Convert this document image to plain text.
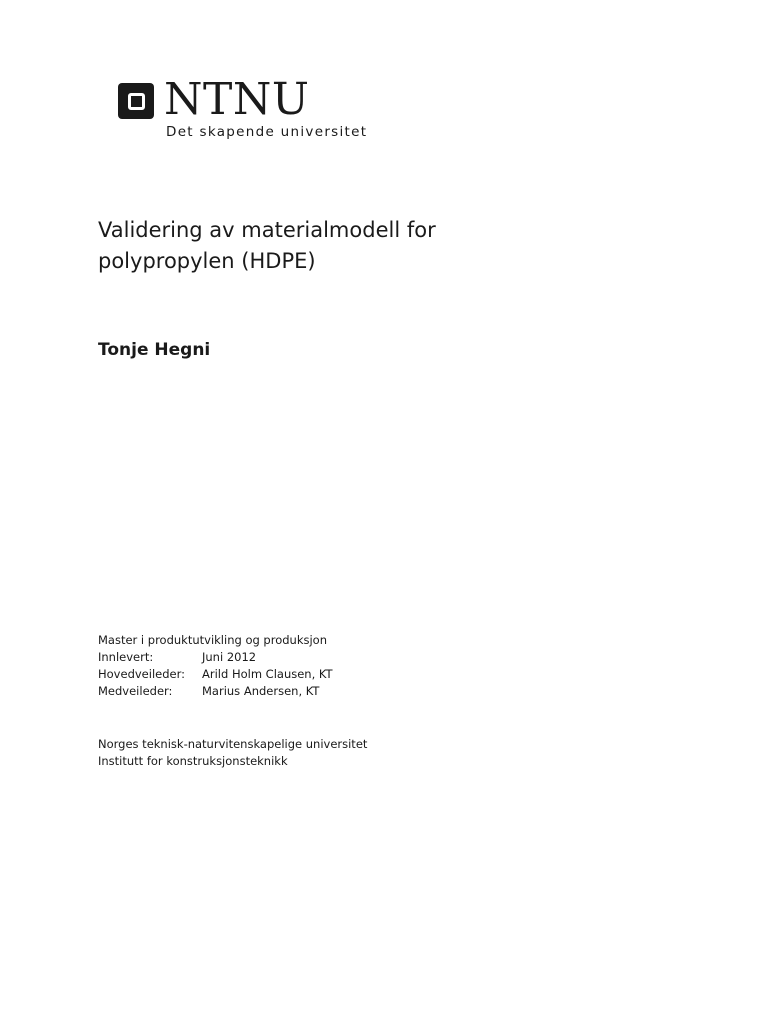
NTNU
Det skapende universitet
Validering av materialmodell for
polypropylen (HDPE)
Tonje Hegni
Master i produktutvikling og produksjon
Innlevert:	Juni 2012
Hovedveileder:	Arild Holm Clausen, KT
Medveileder:	Marius Andersen, KT
Norges teknisk-naturvitenskapelige universitet
Institutt for konstruksjonsteknikk
